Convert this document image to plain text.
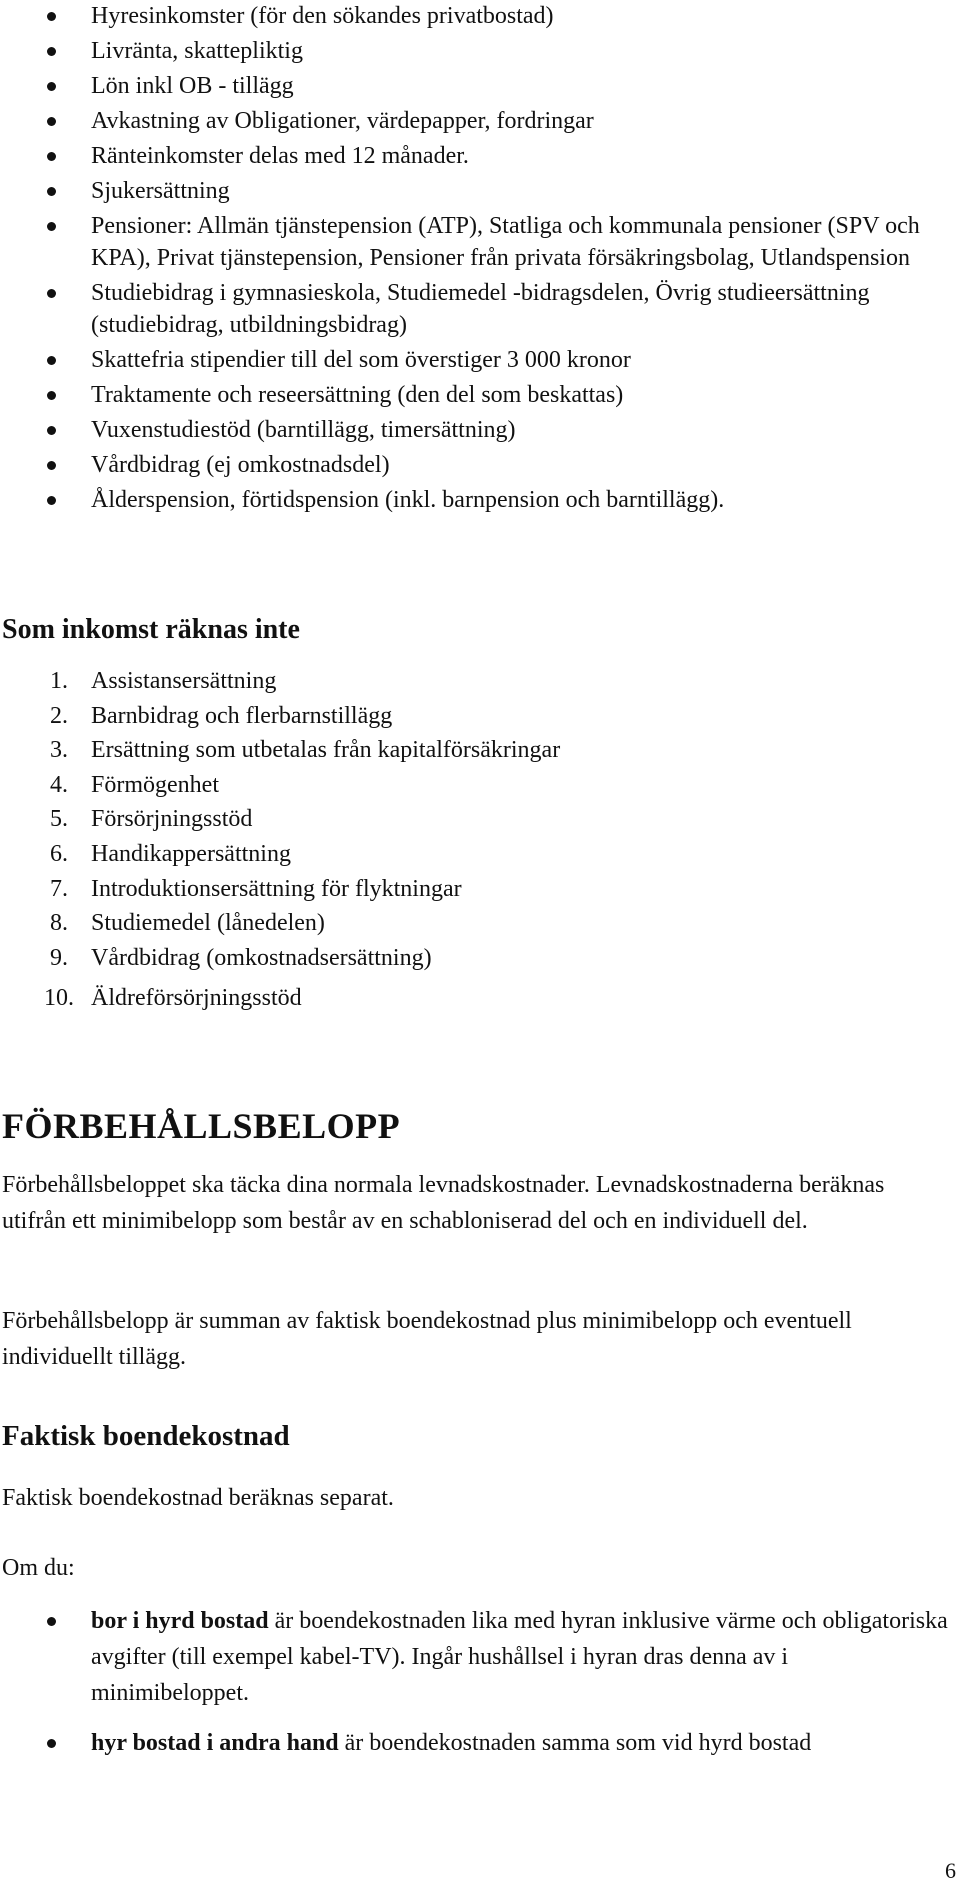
Hyresinkomster (för den sökandes privatbostad)
Livränta, skattepliktig
Lön inkl OB - tillägg
Avkastning av Obligationer, värdepapper, fordringar
Ränteinkomster delas med 12 månader.
Sjukersättning
Pensioner: Allmän tjänstepension (ATP), Statliga och kommunala pensioner (SPV och KPA), Privat tjänstepension, Pensioner från privata försäkringsbolag, Utlandspension
Studiebidrag i gymnasieskola, Studiemedel -bidragsdelen, Övrig studieersättning (studiebidrag, utbildningsbidrag)
Skattefria stipendier till del som överstiger 3 000 kronor
Traktamente och reseersättning (den del som beskattas)
Vuxenstudiestöd (barntillägg, timersättning)
Vårdbidrag (ej omkostnadsdel)
Ålderspension, förtidspension (inkl. barnpension och barntillägg).
Som inkomst räknas inte
1. Assistansersättning
2. Barnbidrag och flerbarnstillägg
3. Ersättning som utbetalas från kapitalförsäkringar
4. Förmögenhet
5. Försörjningsstöd
6. Handikappersättning
7. Introduktionsersättning för flyktningar
8. Studiemedel (lånedelen)
9. Vårdbidrag (omkostnadsersättning)
10. Äldreförsörjningsstöd
FÖRBEHÅLLSBELOPP

Förbehållsbeloppet ska täcka dina normala levnadskostnader. Levnadskostnaderna beräknas utifrån ett minimibelopp som består av en schabloniserad del och en individuell del.

Förbehållsbelopp är summan av faktisk boendekostnad plus minimibelopp och eventuell individuellt tillägg.

Faktisk boendekostnad

Faktisk boendekostnad beräknas separat.

Om du:

bor i hyrd bostad är boendekostnaden lika med hyran inklusive värme och obligatoriska avgifter (till exempel kabel-TV). Ingår hushållsel i hyran dras denna av i minimibeloppet.
hyr bostad i andra hand är boendekostnaden samma som vid hyrd bostad
6
